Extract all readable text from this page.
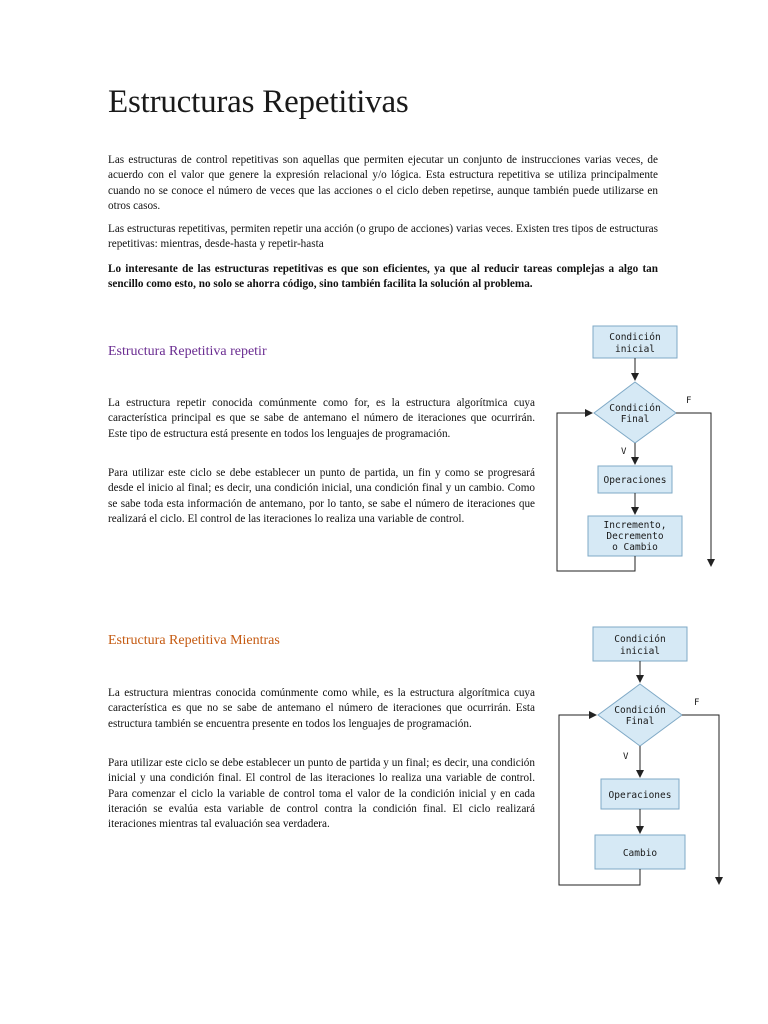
Estructuras Repetitivas

Las estructuras de control repetitivas son aquellas que permiten ejecutar un conjunto de instrucciones varias veces, de acuerdo con el valor que genere la expresión relacional y/o lógica. Esta estructura repetitiva se utiliza principalmente cuando no se conoce el número de veces que las acciones o el ciclo deben repetirse, aunque también puede utilizarse en otros casos.

Las estructuras repetitivas, permiten repetir una acción (o grupo de acciones) varias veces. Existen tres tipos de estructuras repetitivas: mientras, desde-hasta y repetir-hasta

Lo interesante de las estructuras repetitivas es que son eficientes, ya que al reducir tareas complejas a algo tan sencillo como esto, no solo se ahorra código, sino también facilita la solución al problema.

Estructura Repetitiva repetir

La estructura repetir conocida comúnmente como for, es la estructura algorítmica cuya característica principal es que se sabe de antemano el número de iteraciones que ocurrirán. Este tipo de estructura está presente en todos los lenguajes de programación.

Para utilizar este ciclo se debe establecer un punto de partida, un fin y como se progresará desde el inicio al final; es decir, una condición inicial, una condición final y un cambio. Como se sabe toda esta información de antemano, por lo tanto, se sabe el número de iteraciones que realizará el ciclo. El control de las iteraciones lo realiza una variable de control.

Condición
inicial
Condición
Final
F
V
Operaciones
Incremento,
Decremento
o Cambio
Estructura Repetitiva Mientras

La estructura mientras conocida comúnmente como while, es la estructura algorítmica cuya característica es que no se sabe de antemano el número de iteraciones que ocurrirán. Esta estructura también se encuentra presente en todos los lenguajes de programación.

Para utilizar este ciclo se debe establecer un punto de partida y un final; es decir, una condición inicial y una condición final. El control de las iteraciones lo realiza una variable de control. Para comenzar el ciclo la variable de control toma el valor de la condición inicial y en cada iteración se evalúa esta variable de control contra la condición final. El ciclo realizará iteraciones mientras tal evaluación sea verdadera.

Condición
inicial
Condición
Final
F
V
Operaciones
Cambio
